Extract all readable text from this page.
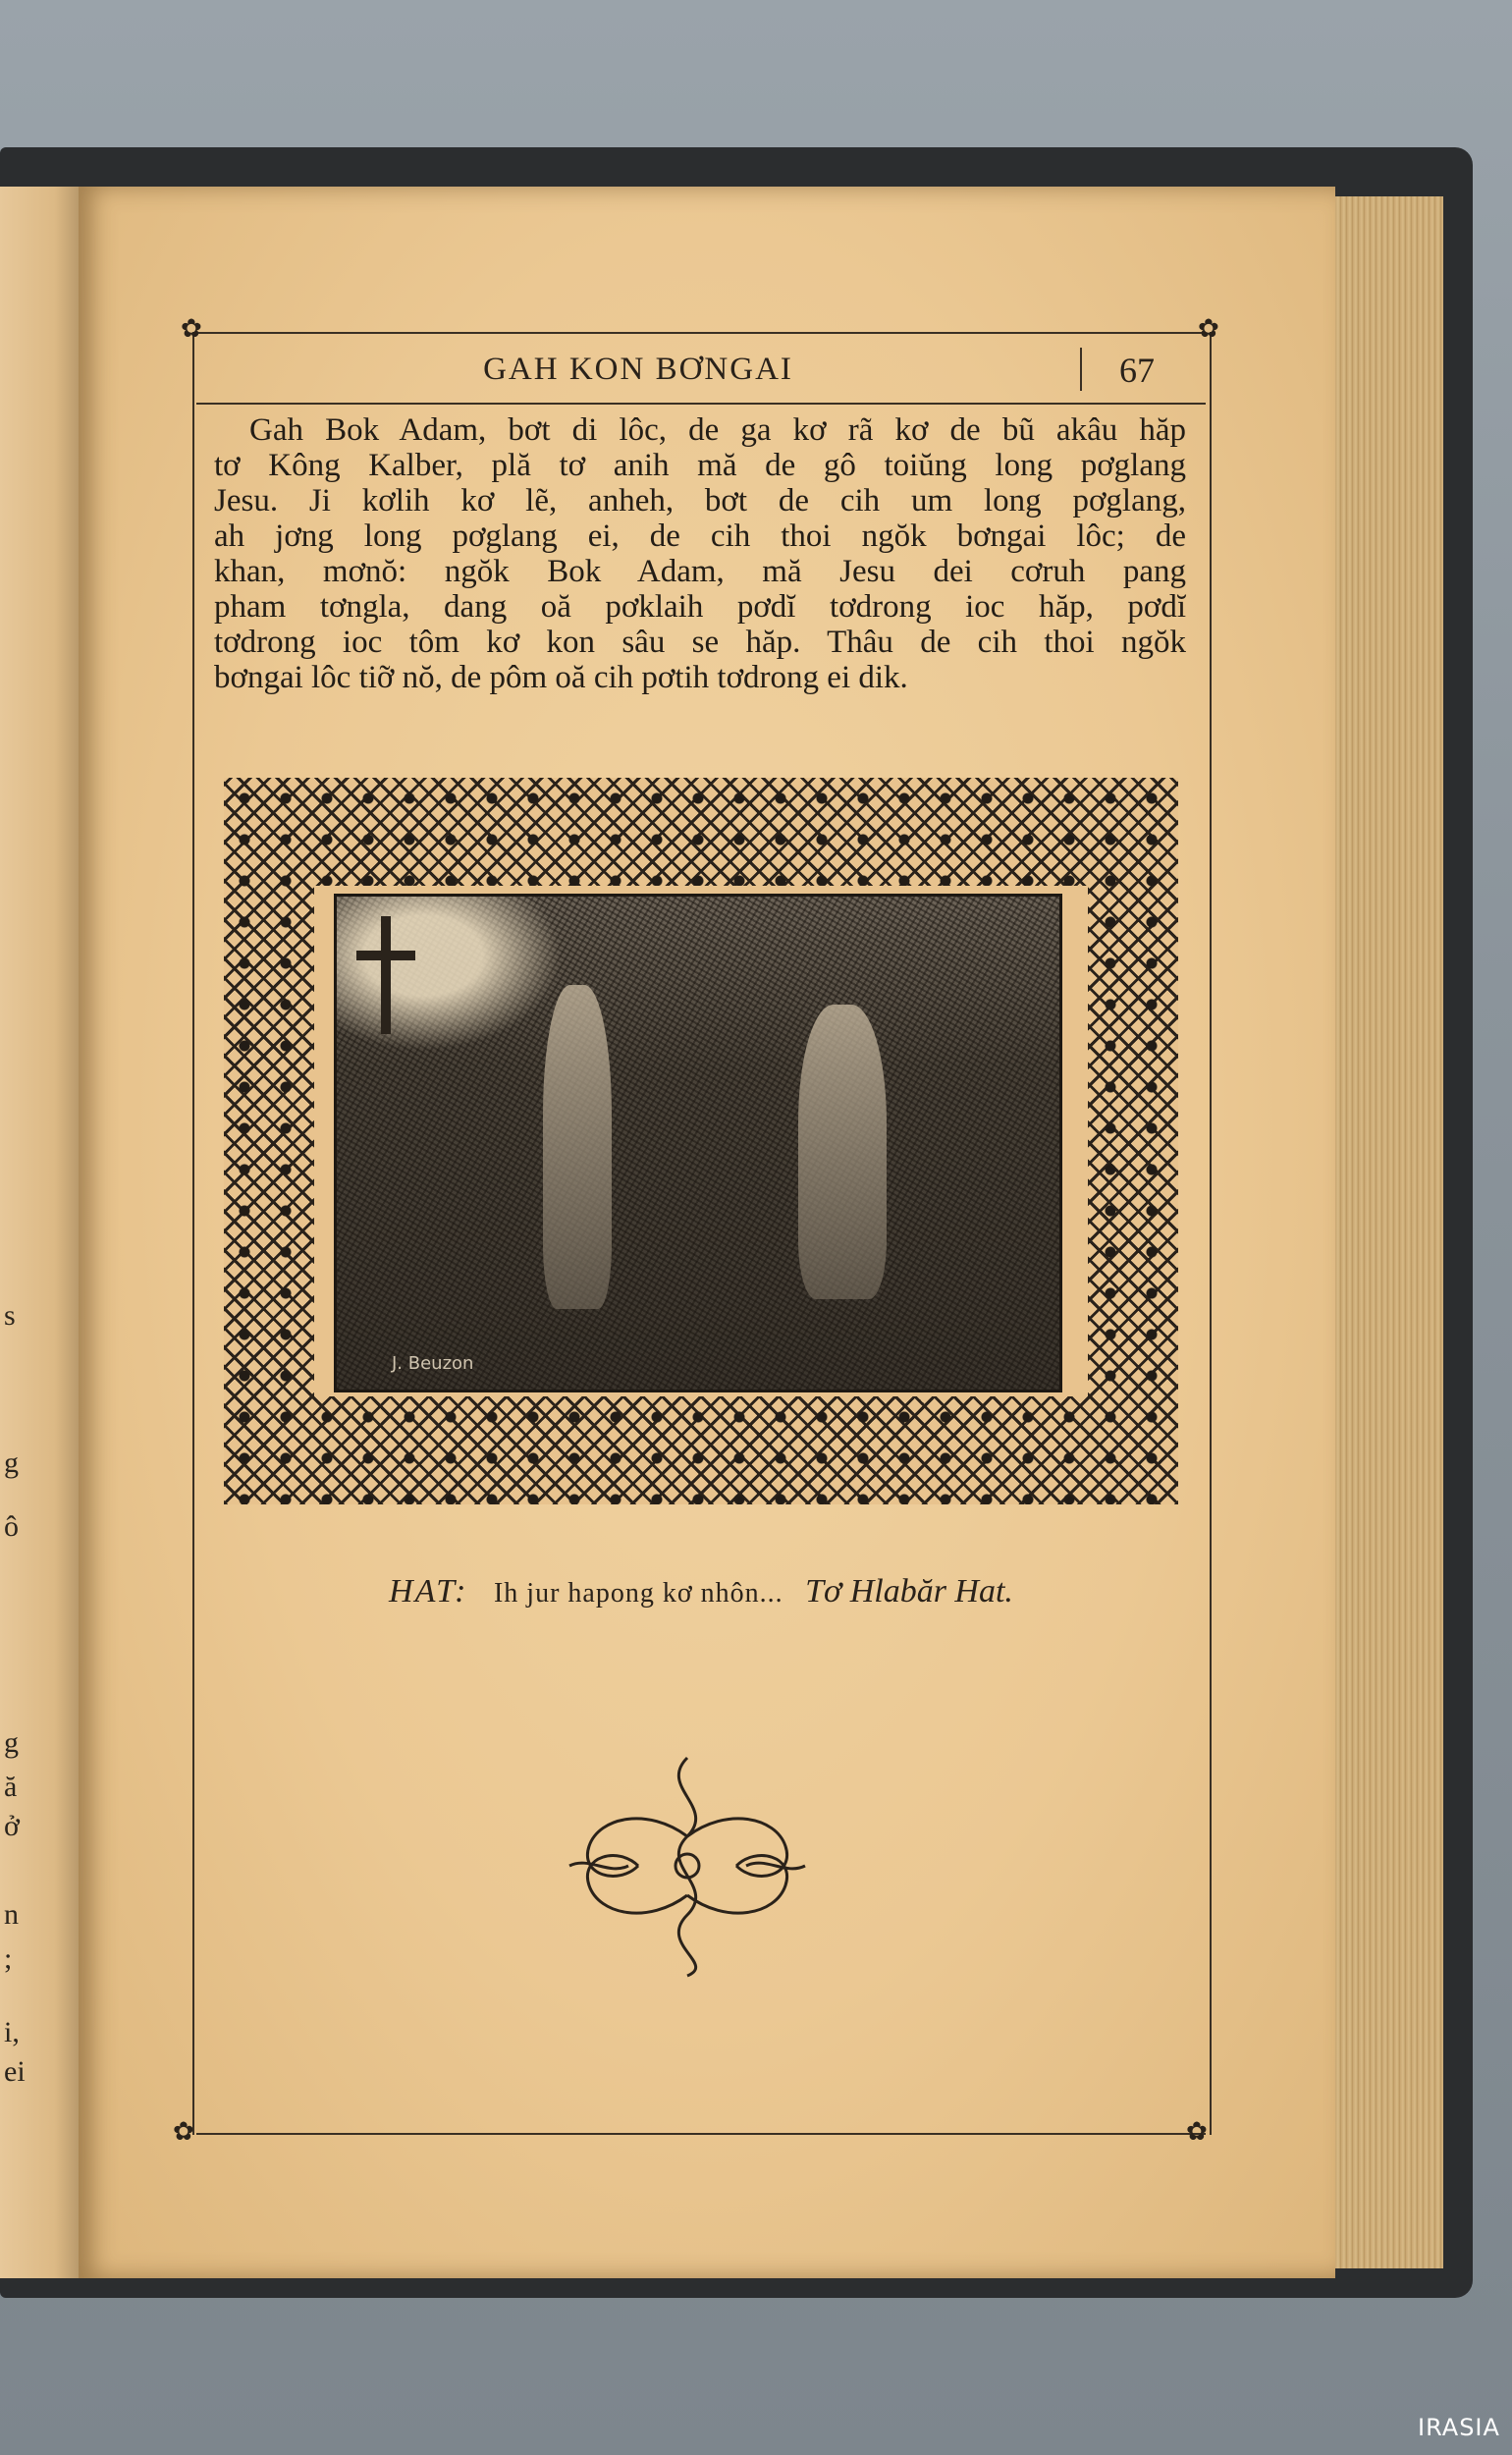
s
g
ô
g
ă
ở
n
;
i,
ei
✿	✿
✿	✿
GAH KON BƠNGAI	67
Gah Bok Adam, bơt di lôc, de ga kơ rã kơ de bũ akâu hăp
tơ Kông Kalber, plă tơ anih mă de gô toiŭng long pơglang
Jesu. Ji kơlih kơ lẽ, anheh, bơt de cih um long pơglang,
ah jơng long pơglang ei, de cih thoi ngŏk bơngai lôc; de
khan, mơnŏ: ngŏk Bok Adam, mă Jesu dei cơruh pang
pham tơngla, dang oă pơklaih pơdĭ tơdrong ioc hăp, pơdĭ
tơdrong ioc tôm kơ kon sâu se hăp. Thâu de cih thoi ngŏk
bơngai lôc tiỡ nŏ, de pôm oă cih pơtih tơdrong ei dik.
J. Beuzon
HAT: Ih jur hapong kơ nhôn... Tơ Hlabăr Hat.
IRASIA
